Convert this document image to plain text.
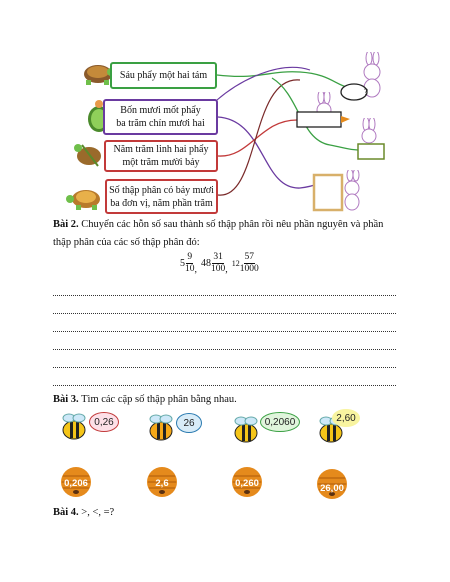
Sáu phẩy một hai tám
Bốn mươi mốt phẩy
ba trăm chín mươi hai
Năm trăm linh hai phẩy
một trăm mười bảy
Số thập phân có bảy mươi
ba đơn vị, năm phần trăm
?
Bài 2. Chuyển các hỗn số sau thành số thập phân rồi nêu phần nguyên và phần
thập phân của các số thập phân đó:
$5 \frac{9}{10}$ , $48 \frac{31}{100}$ , $12 \frac{57}{1000}$
Bài 3. Tìm các cặp số thập phân bằng nhau.
0,26	26	0,2060	2,60
0,206	2,6	0,260	26,00
Bài 4. >, <, =?
